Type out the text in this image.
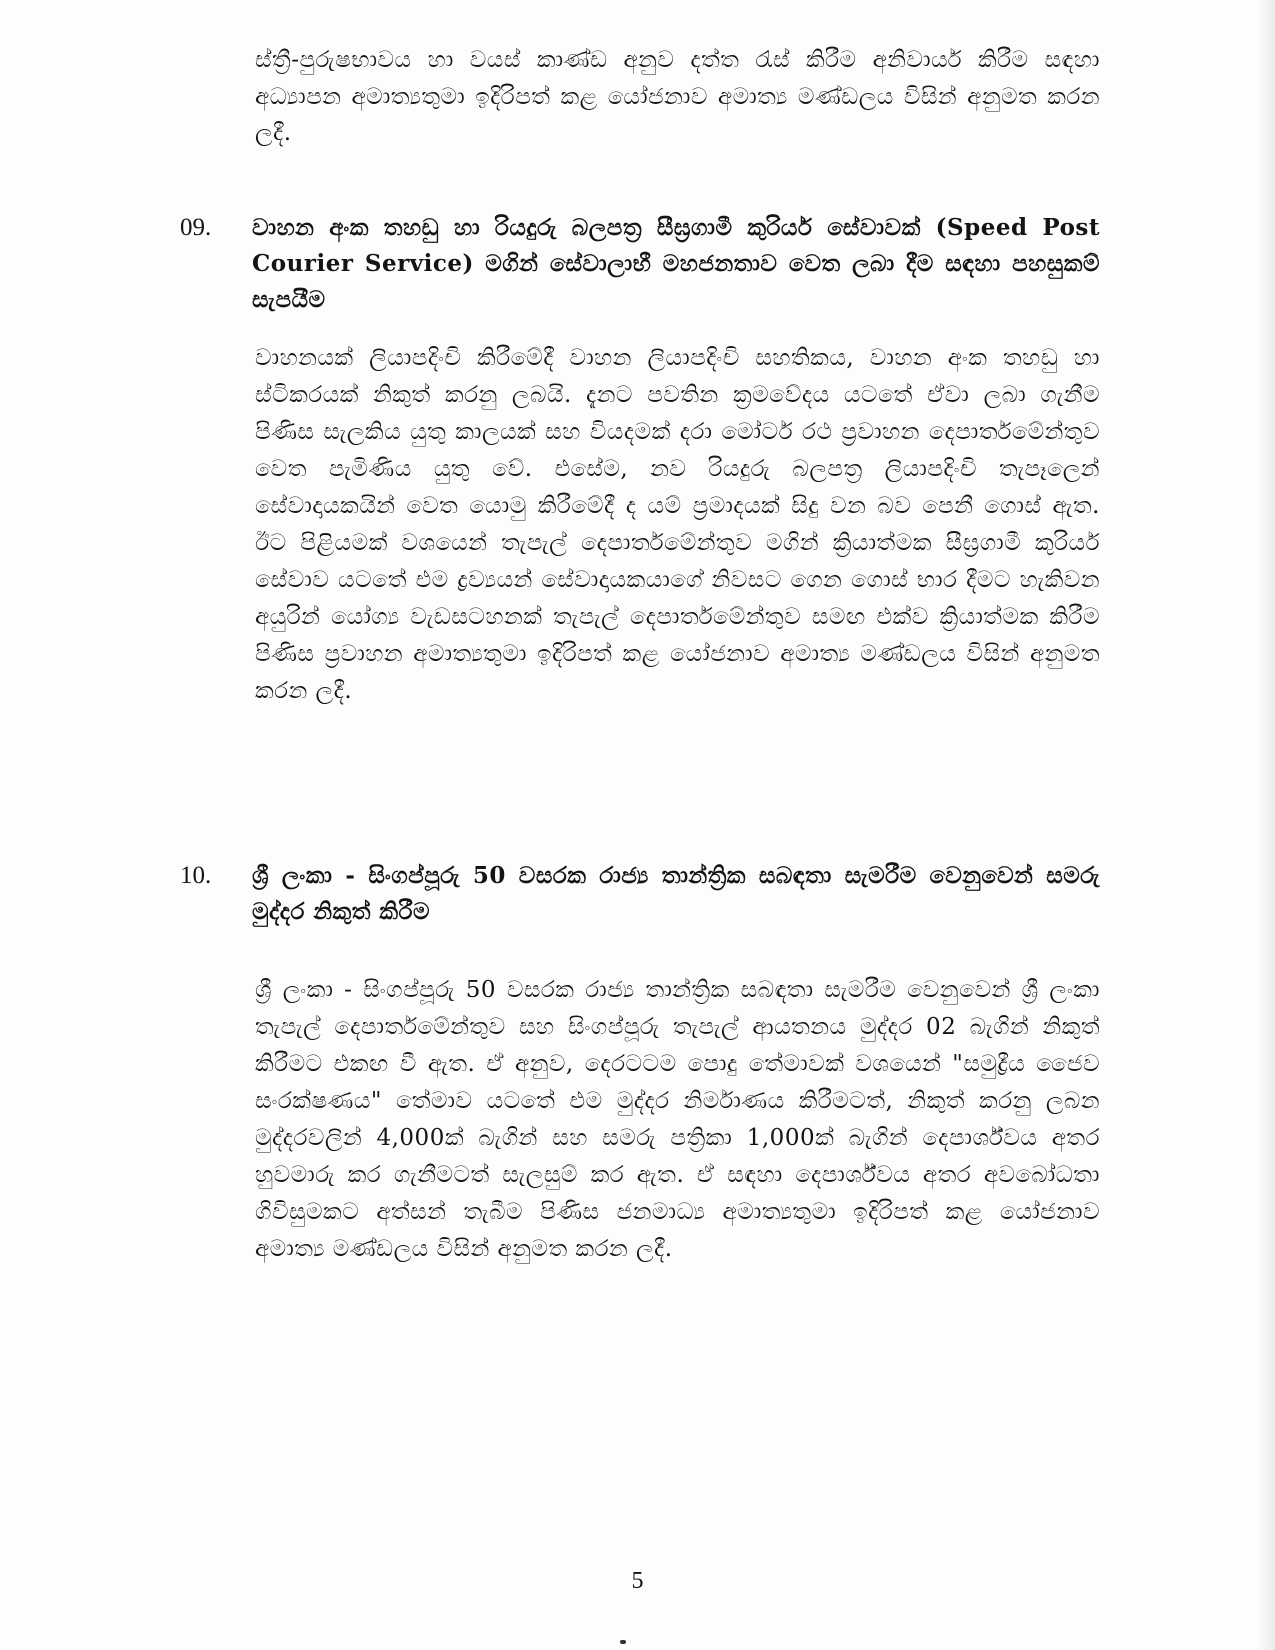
ස්ත්‍රී-පුරුෂභාවය හා වයස් කාණ්ඩ අනුව දත්ත රැස් කිරීම අනිවාර්ය කිරීම සඳහා අධ්‍යාපන අමාත්‍යතුමා ඉදිරිපත් කළ යෝජනාව අමාත්‍ය මණ්ඩලය විසින් අනුමත කරන ලදී.

09. වාහන අංක තහඩු හා රියදුරු බලපත්‍ර සීඝ්‍රගාමී කුරියර් සේවාවක් (Speed Post Courier Service) මගින් සේවාලාභී මහජනතාව වෙත ලබා දීම සඳහා පහසුකම් සැපයීම

වාහනයක් ලියාපදිංචි කිරීමේදී වාහන ලියාපදිංචි සහතිකය, වාහන අංක තහඩු හා ස්ටිකරයක් නිකුත් කරනු ලබයි. දැනට පවතින ක්‍රමවේදය යටතේ ඒවා ලබා ගැනීම පිණිස සැලකිය යුතු කාලයක් සහ වියදමක් දරා මෝටර් රථ ප්‍රවාහන දෙපාර්තමේන්තුව වෙත පැමිණිය යුතු වේ. එසේම, නව රියදුරු බලපත්‍ර ලියාපදිංචි තැපෑලෙන් සේවාදායකයින් වෙත යොමු කිරීමේදී ද යම් ප්‍රමාදයක් සිදු වන බව පෙනී ගොස් ඇත. ඊට පිළියමක් වශයෙන් තැපැල් දෙපාර්තමේන්තුව මගින් ක්‍රියාත්මක සීඝ්‍රගාමී කුරියර් සේවාව යටතේ එම ද්‍රව්‍යයන් සේවාදායකයාගේ නිවසට ගෙන ගොස් භාර දීමට හැකිවන අයුරින් යෝග්‍ය වැඩසටහනක් තැපැල් දෙපාර්තමේන්තුව සමඟ එක්ව ක්‍රියාත්මක කිරීම පිණිස ප්‍රවාහන අමාත්‍යතුමා ඉදිරිපත් කළ යෝජනාව අමාත්‍ය මණ්ඩලය විසින් අනුමත කරන ලදී.

10. ශ්‍රී ලංකා - සිංගප්පූරු 50 වසරක රාජ්‍ය තාන්ත්‍රික සබඳතා සැමරීම වෙනුවෙන් සමරු මුද්දර නිකුත් කිරීම

ශ්‍රී ලංකා - සිංගප්පූරු 50 වසරක රාජ්‍ය තාන්ත්‍රික සබඳතා සැමරීම වෙනුවෙන් ශ්‍රී ලංකා තැපැල් දෙපාර්තමේන්තුව සහ සිංගප්පූරු තැපැල් ආයතනය මුද්දර 02 බැගින් නිකුත් කිරීමට එකඟ වී ඇත. ඒ අනුව, දෙරටටම පොදු තේමාවක් වශයෙන් "සමුද්‍රීය ජෛව සංරක්ෂණය" තේමාව යටතේ එම මුද්දර නිර්මාණය කිරීමටත්, නිකුත් කරනු ලබන මුද්දරවලින් 4,000ක් බැගින් සහ සමරු පත්‍රිකා 1,000ක් බැගින් දෙපාර්ශ්වය අතර හුවමාරු කර ගැනීමටත් සැලසුම් කර ඇත. ඒ සඳහා දෙපාර්ශ්වය අතර අවබෝධතා ගිවිසුමකට අත්සන් තැබීම පිණිස ජනමාධ්‍ය අමාත්‍යතුමා ඉදිරිපත් කළ යෝජනාව අමාත්‍ය මණ්ඩලය විසින් අනුමත කරන ලදී.

5
